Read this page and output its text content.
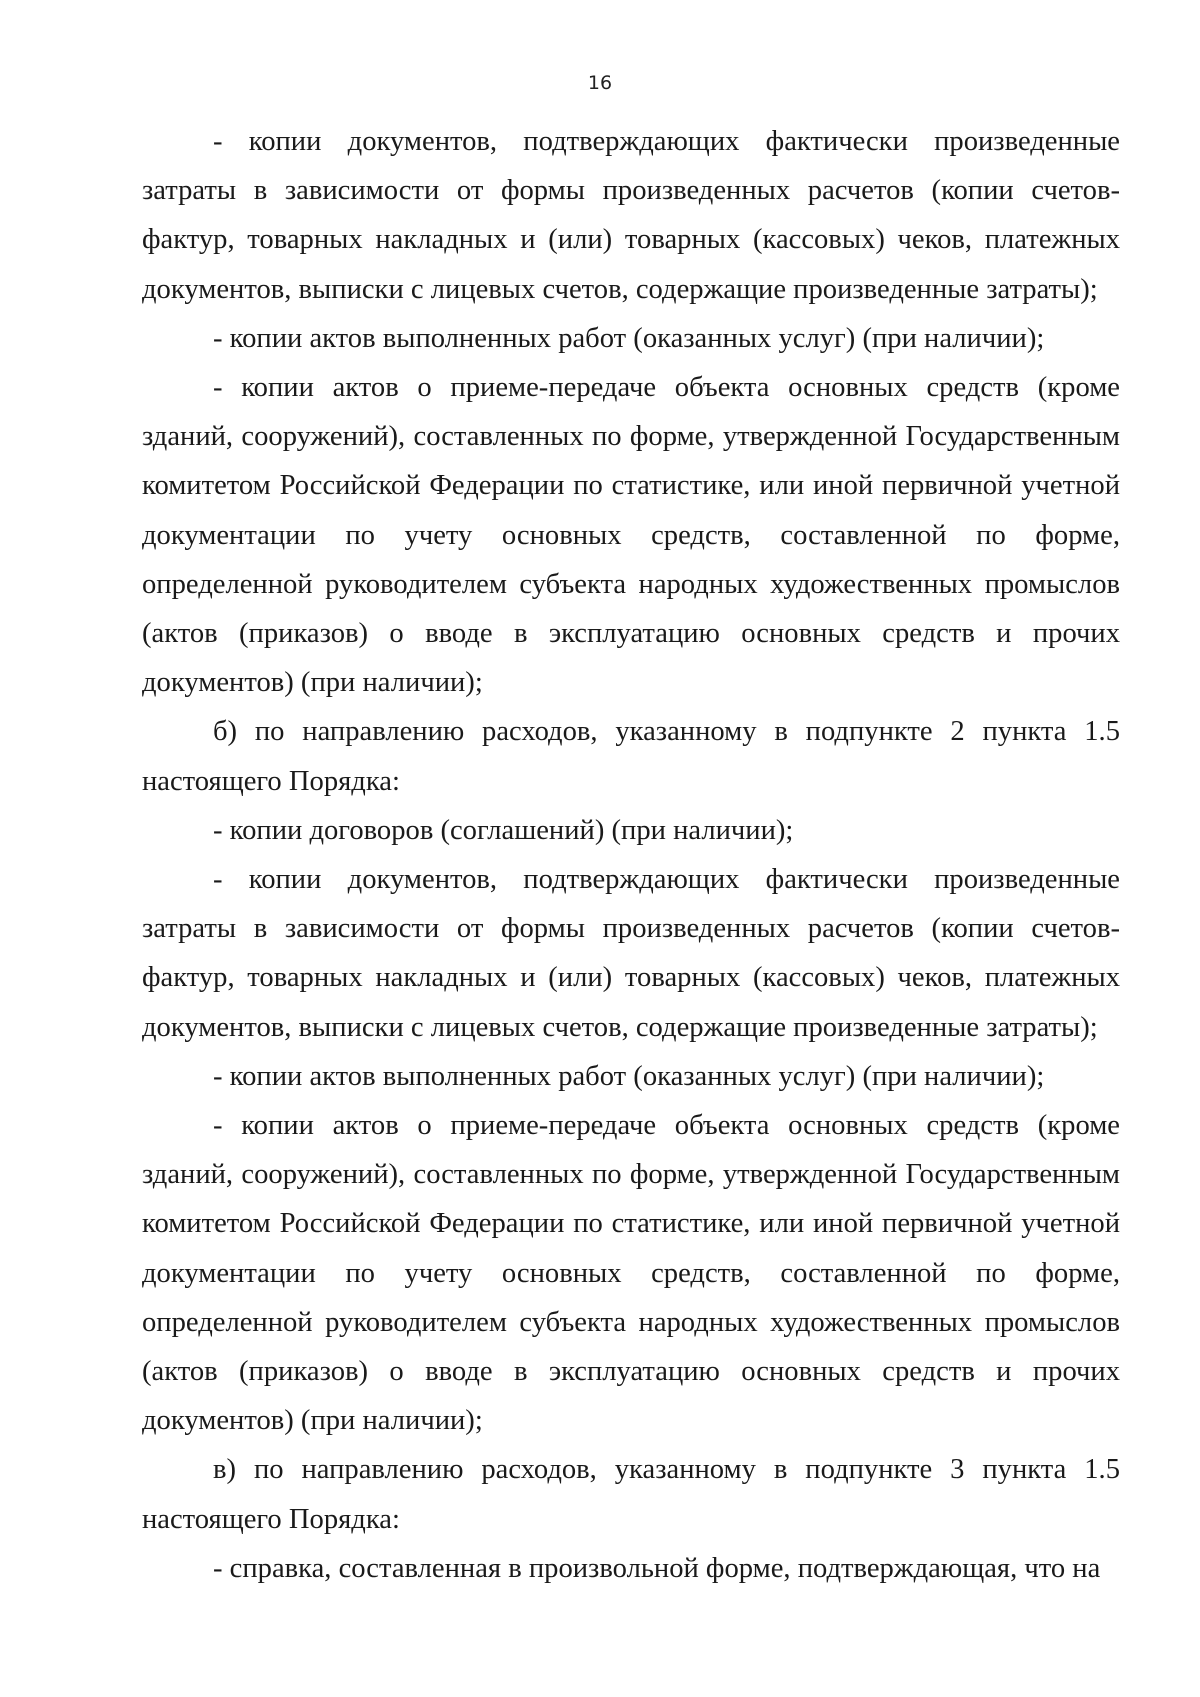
16

- копии документов, подтверждающих фактически произведенные затраты в зависимости от формы произведенных расчетов (копии счетов-фактур, товарных накладных и (или) товарных (кассовых) чеков, платежных документов, выписки с лицевых счетов, содержащие произведенные затраты);

- копии актов выполненных работ (оказанных услуг) (при наличии);

- копии актов о приеме-передаче объекта основных средств (кроме зданий, сооружений), составленных по форме, утвержденной Государственным комитетом Российской Федерации по статистике, или иной первичной учетной документации по учету основных средств, составленной по форме, определенной руководителем субъекта народных художественных промыслов (актов (приказов) о вводе в эксплуатацию основных средств и прочих документов) (при наличии);

б) по направлению расходов, указанному в подпункте 2 пункта 1.5 настоящего Порядка:

- копии договоров (соглашений) (при наличии);

- копии документов, подтверждающих фактически произведенные затраты в зависимости от формы произведенных расчетов (копии счетов-фактур, товарных накладных и (или) товарных (кассовых) чеков, платежных документов, выписки с лицевых счетов, содержащие произведенные затраты);

- копии актов выполненных работ (оказанных услуг) (при наличии);

- копии актов о приеме-передаче объекта основных средств (кроме зданий, сооружений), составленных по форме, утвержденной Государственным комитетом Российской Федерации по статистике, или иной первичной учетной документации по учету основных средств, составленной по форме, определенной руководителем субъекта народных художественных промыслов (актов (приказов) о вводе в эксплуатацию основных средств и прочих документов) (при наличии);

в) по направлению расходов, указанному в подпункте 3 пункта 1.5 настоящего Порядка:

- справка, составленная в произвольной форме, подтверждающая, что на
